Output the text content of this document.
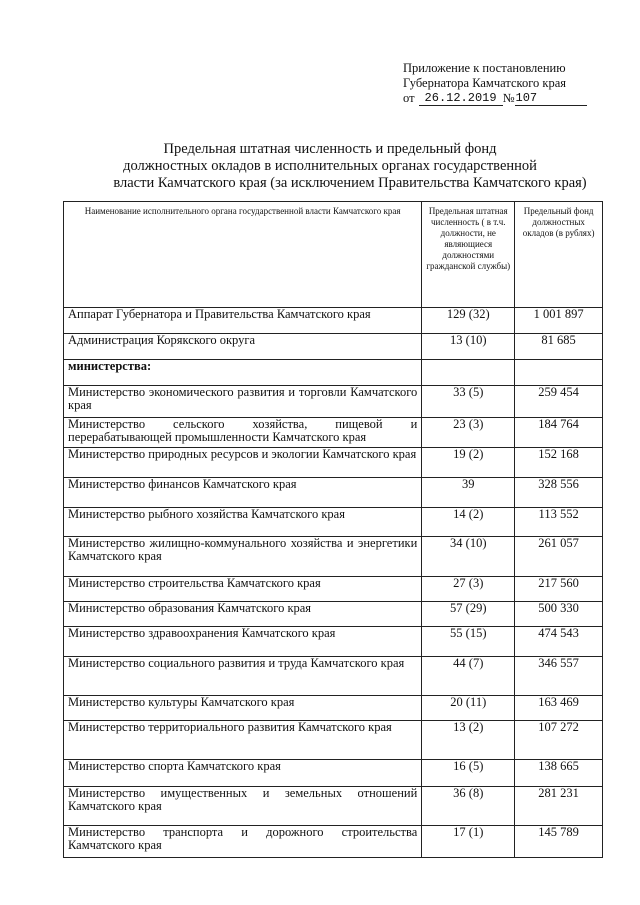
Приложение к постановлению
Губернатора Камчатского края
от 26.12.2019 № 107
Предельная штатная численность и предельный фонд
должностных окладов в исполнительных органах государственной
власти Камчатского края (за исключением Правительства Камчатского края)
Наименование исполнительного органа государственной власти Камчатского края	Предельная штатная численность ( в т.ч. должности, не являющиеся должностями гражданской службы)	Предельный фонд должностных окладов (в рублях)
Аппарат Губернатора и Правительства Камчатского края	129 (32)	1 001 897
Администрация Корякского округа	13 (10)	81 685
министерства:		
Министерство экономического развития и торговли Камчатского края	33 (5)	259 454
Министерство сельского хозяйства, пищевой и перерабатывающей промышленности Камчатского края	23 (3)	184 764
Министерство природных ресурсов и экологии Камчатского края	19 (2)	152 168
Министерство финансов Камчатского края	39	328 556
Министерство рыбного хозяйства Камчатского края	14 (2)	113 552
Министерство жилищно-коммунального хозяйства и энергетики Камчатского края	34 (10)	261 057
Министерство строительства Камчатского края	27 (3)	217 560
Министерство образования Камчатского края	57 (29)	500 330
Министерство здравоохранения Камчатского края	55 (15)	474 543
Министерство социального развития и труда Камчатского края	44 (7)	346 557
Министерство культуры Камчатского края	20 (11)	163 469
Министерство территориального развития Камчатского края	13 (2)	107 272
Министерство спорта Камчатского края	16 (5)	138 665
Министерство имущественных и земельных отношений Камчатского края	36 (8)	281 231
Министерство транспорта и дорожного строительства Камчатского края	17 (1)	145 789
